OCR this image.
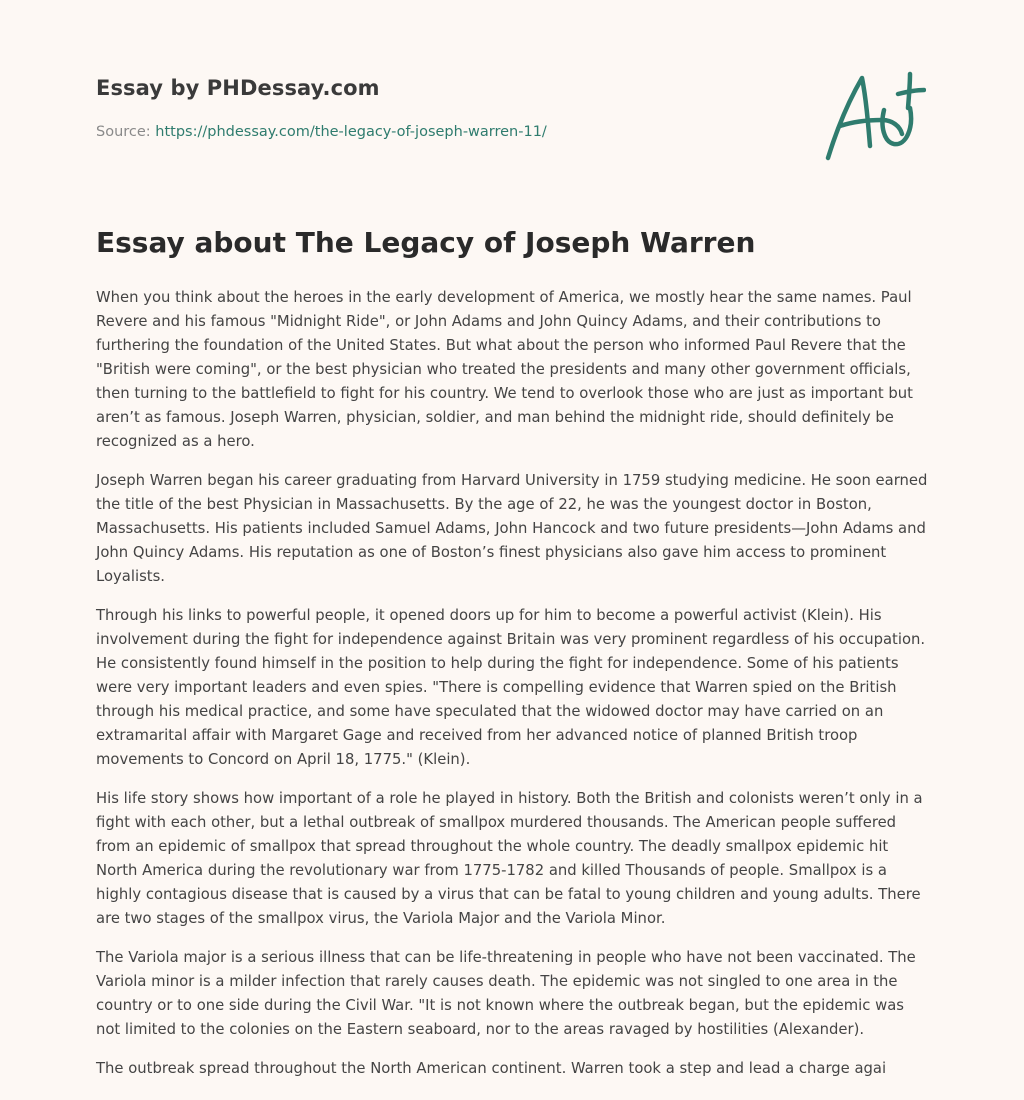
Essay by PHDessay.com
Source: https://phdessay.com/the-legacy-of-joseph-warren-11/
Essay about The Legacy of Joseph Warren

When you think about the heroes in the early development of America, we mostly hear the same names. Paul Revere and his famous "Midnight Ride", or John Adams and John Quincy Adams, and their contributions to furthering the foundation of the United States. But what about the person who informed Paul Revere that the "British were coming", or the best physician who treated the presidents and many other government officials, then turning to the battlefield to fight for his country. We tend to overlook those who are just as important but aren’t as famous. Joseph Warren, physician, soldier, and man behind the midnight ride, should definitely be recognized as a hero.

Joseph Warren began his career graduating from Harvard University in 1759 studying medicine. He soon earned the title of the best Physician in Massachusetts. By the age of 22, he was the youngest doctor in Boston, Massachusetts. His patients included Samuel Adams, John Hancock and two future presidents—John Adams and John Quincy Adams. His reputation as one of Boston’s finest physicians also gave him access to prominent Loyalists.

Through his links to powerful people, it opened doors up for him to become a powerful activist (Klein). His involvement during the fight for independence against Britain was very prominent regardless of his occupation. He consistently found himself in the position to help during the fight for independence. Some of his patients were very important leaders and even spies. "There is compelling evidence that Warren spied on the British through his medical practice, and some have speculated that the widowed doctor may have carried on an extramarital affair with Margaret Gage and received from her advanced notice of planned British troop movements to Concord on April 18, 1775." (Klein).

His life story shows how important of a role he played in history. Both the British and colonists weren’t only in a fight with each other, but a lethal outbreak of smallpox murdered thousands. The American people suffered from an epidemic of smallpox that spread throughout the whole country. The deadly smallpox epidemic hit North America during the revolutionary war from 1775-1782 and killed Thousands of people. Smallpox is a highly contagious disease that is caused by a virus that can be fatal to young children and young adults. There are two stages of the smallpox virus, the Variola Major and the Variola Minor.

The Variola major is a serious illness that can be life-threatening in people who have not been vaccinated. The Variola minor is a milder infection that rarely causes death. The epidemic was not singled to one area in the country or to one side during the Civil War. "It is not known where the outbreak began, but the epidemic was not limited to the colonies on the Eastern seaboard, nor to the areas ravaged by hostilities (Alexander).

The outbreak spread throughout the North American continent. Warren took a step and lead a charge agai
